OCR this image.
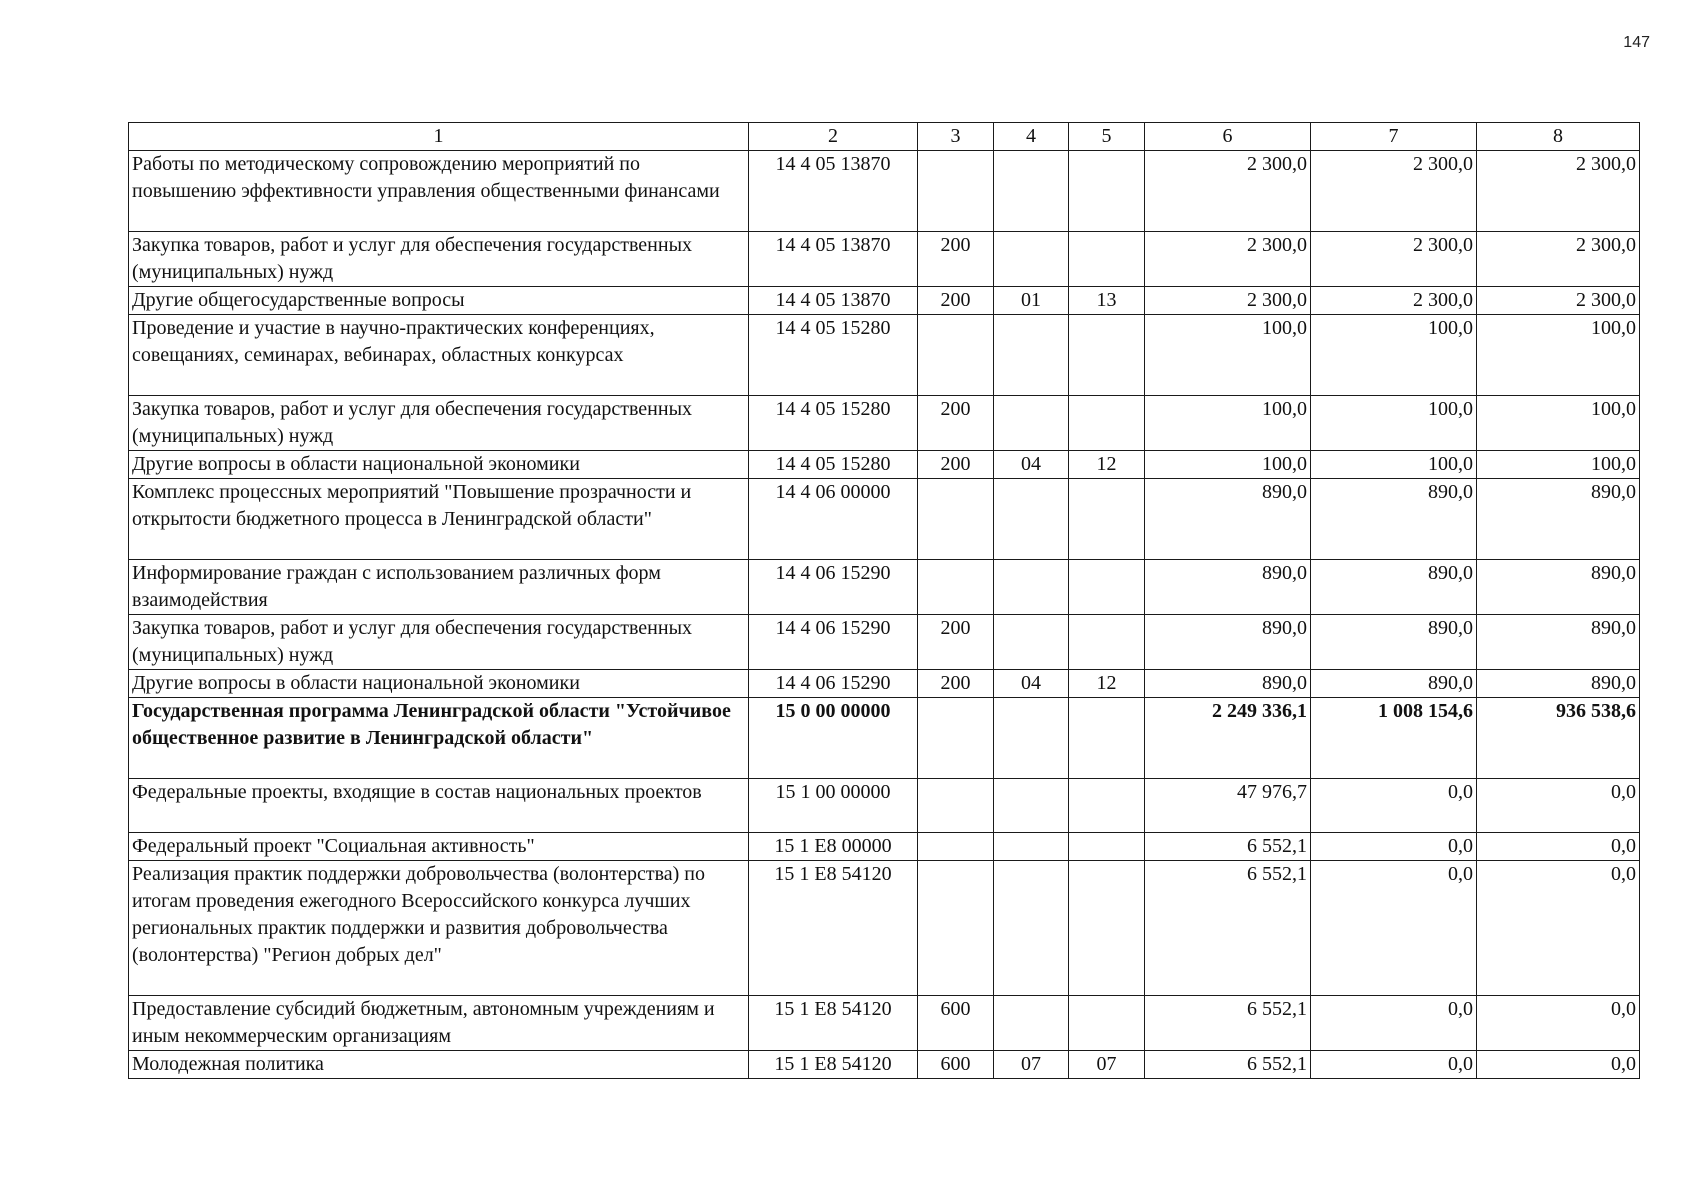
147
1	2	3	4	5	6	7	8
Работы по методическому сопровождению мероприятий по повышению эффективности управления общественными финансами	14 4 05 13870				2 300,0	2 300,0	2 300,0
Закупка товаров, работ и услуг для обеспечения государственных (муниципальных) нужд	14 4 05 13870	200			2 300,0	2 300,0	2 300,0
Другие общегосударственные вопросы	14 4 05 13870	200	01	13	2 300,0	2 300,0	2 300,0
Проведение и участие в научно-практических конференциях, совещаниях, семинарах, вебинарах, областных конкурсах	14 4 05 15280				100,0	100,0	100,0
Закупка товаров, работ и услуг для обеспечения государственных (муниципальных) нужд	14 4 05 15280	200			100,0	100,0	100,0
Другие вопросы в области национальной экономики	14 4 05 15280	200	04	12	100,0	100,0	100,0
Комплекс процессных мероприятий "Повышение прозрачности и открытости бюджетного процесса в Ленинградской области"	14 4 06 00000				890,0	890,0	890,0
Информирование граждан с использованием различных форм взаимодействия	14 4 06 15290				890,0	890,0	890,0
Закупка товаров, работ и услуг для обеспечения государственных (муниципальных) нужд	14 4 06 15290	200			890,0	890,0	890,0
Другие вопросы в области национальной экономики	14 4 06 15290	200	04	12	890,0	890,0	890,0
Государственная программа Ленинградской области "Устойчивое общественное развитие в Ленинградской области"	15 0 00 00000				2 249 336,1	1 008 154,6	936 538,6
Федеральные проекты, входящие в состав национальных проектов	15 1 00 00000				47 976,7	0,0	0,0
Федеральный проект "Социальная активность"	15 1 E8 00000				6 552,1	0,0	0,0
Реализация практик поддержки добровольчества (волонтерства) по итогам проведения ежегодного Всероссийского конкурса лучших региональных практик поддержки и развития добровольчества (волонтерства) "Регион добрых дел"	15 1 E8 54120				6 552,1	0,0	0,0
Предоставление субсидий бюджетным, автономным учреждениям и иным некоммерческим организациям	15 1 E8 54120	600			6 552,1	0,0	0,0
Молодежная политика	15 1 E8 54120	600	07	07	6 552,1	0,0	0,0
